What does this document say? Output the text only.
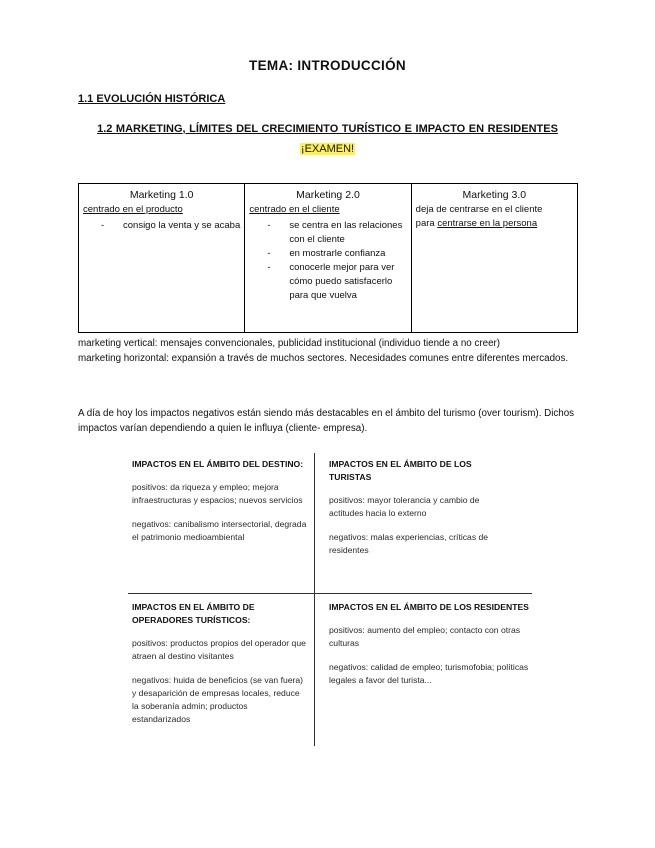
TEMA: INTRODUCCIÓN
1.1 EVOLUCIÓN HISTÓRICA
1.2 MARKETING, LÍMITES DEL CRECIMIENTO TURÍSTICO E IMPACTO EN RESIDENTES
¡EXAMEN!
Marketing 1.0
centrado en el producto
- consigo la venta y se acaba

Marketing 2.0
centrado en el cliente
- se centra en las relaciones con el cliente
- en mostrarle confianza
- conocerle mejor para ver cómo puedo satisfacerlo para que vuelva

Marketing 3.0
deja de centrarse en el cliente
para centrarse en la persona
marketing vertical: mensajes convencionales, publicidad institucional (individuo tiende a no creer)
marketing horizontal: expansión a través de muchos sectores. Necesidades comunes entre diferentes mercados.
A día de hoy los impactos negativos están siendo más destacables en el ámbito del turismo (over tourism). Dichos impactos varían dependiendo a quien le influya (cliente- empresa).
IMPACTOS EN EL ÁMBITO DEL DESTINO:
positivos: da riqueza y empleo; mejora infraestructuras y espacios; nuevos servicios
negativos: canibalismo intersectorial, degrada el patrimonio medioambiental
IMPACTOS EN EL ÁMBITO DE LOS TURISTAS
positivos: mayor tolerancia y cambio de actitudes hacia lo externo
negativos: malas experiencias, críticas de residentes
IMPACTOS EN EL ÁMBITO DE OPERADORES TURÍSTICOS:
positivos: productos propios del operador que atraen al destino visitantes
negativos: huida de beneficios (se van fuera) y desaparición de empresas locales, reduce la soberanía admin; productos estandarizados
IMPACTOS EN EL ÁMBITO DE LOS RESIDENTES
positivos: aumento del empleo; contacto con otras culturas
negativos: calidad de empleo; turismofobia; políticas legales a favor del turista...
